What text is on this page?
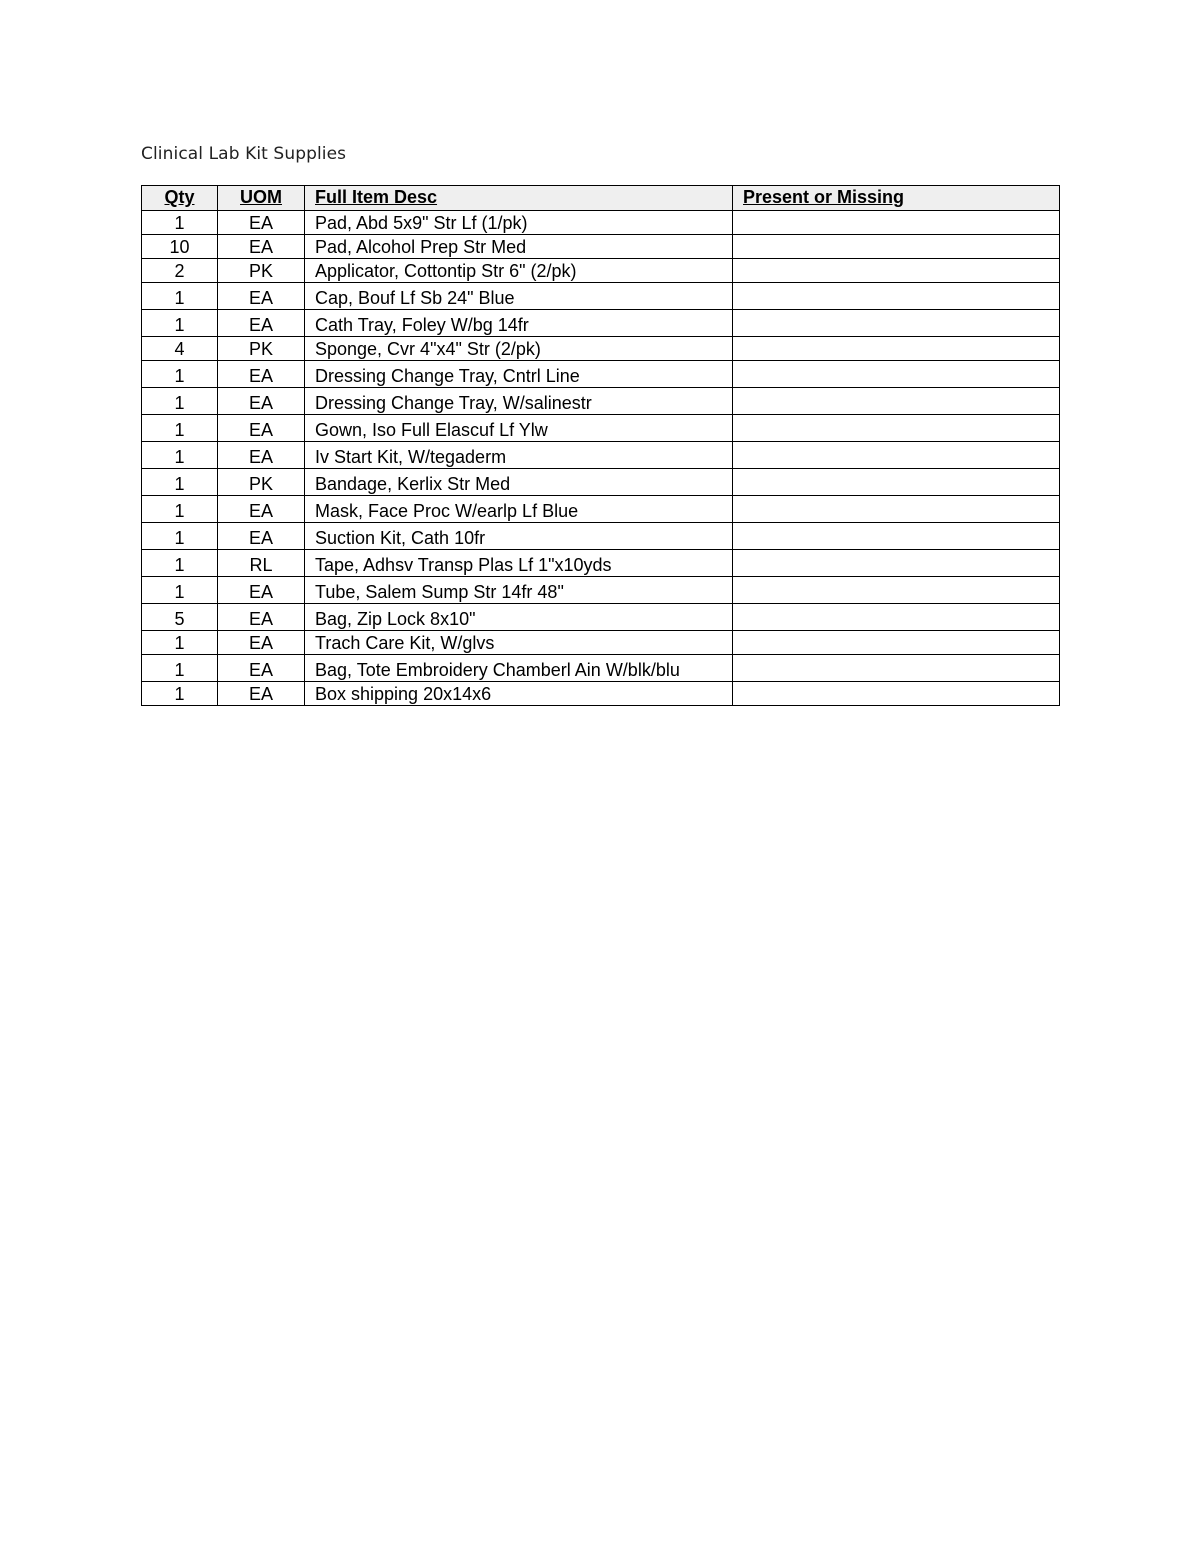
Clinical Lab Kit Supplies
Qty	UOM	Full Item Desc	Present or Missing
1	EA	Pad, Abd 5x9" Str Lf (1/pk)	
10	EA	Pad, Alcohol Prep Str Med	
2	PK	Applicator, Cottontip Str 6" (2/pk)	
1	EA	Cap, Bouf Lf Sb 24" Blue	
1	EA	Cath Tray, Foley W/bg 14fr	
4	PK	Sponge, Cvr 4"x4" Str (2/pk)	
1	EA	Dressing Change Tray, Cntrl Line	
1	EA	Dressing Change Tray, W/salinestr	
1	EA	Gown, Iso Full Elascuf Lf Ylw	
1	EA	Iv Start Kit, W/tegaderm	
1	PK	Bandage, Kerlix Str Med	
1	EA	Mask, Face Proc W/earlp Lf Blue	
1	EA	Suction Kit, Cath 10fr	
1	RL	Tape, Adhsv Transp Plas Lf 1"x10yds	
1	EA	Tube, Salem Sump Str 14fr 48"	
5	EA	Bag, Zip Lock 8x10"	
1	EA	Trach Care Kit, W/glvs	
1	EA	Bag, Tote Embroidery Chamberl Ain W/blk/blu	
1	EA	Box shipping 20x14x6	
